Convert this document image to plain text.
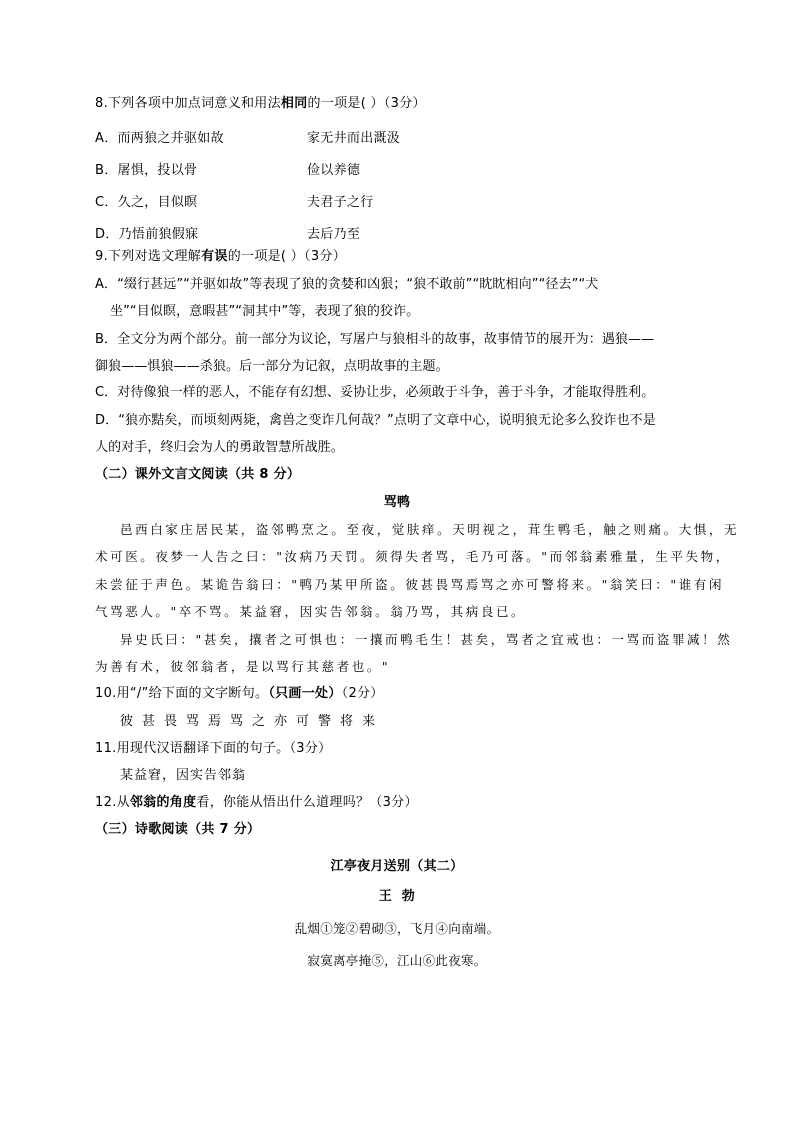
8.下列各项中加点词意义和用法相同的一项是( ）（3分）
A．而两狼之并驱如故	家无井而出溉汲
B．屠惧，投以骨	俭以养德
C．久之，目似瞑	夫君子之行
D．乃悟前狼假寐	去后乃至
9.下列对选文理解有误的一项是( ）（3分）
A．“缀行甚远”“并驱如故”等表现了狼的贪婪和凶狠；“狼不敢前”“眈眈相向”“径去”“犬
坐”“目似瞑，意暇甚”“洞其中”等，表现了狼的狡诈。
B．全文分为两个部分。前一部分为议论，写屠户与狼相斗的故事，故事情节的展开为：遇狼——
御狼——惧狼——杀狼。后一部分为记叙，点明故事的主题。
C．对待像狼一样的恶人，不能存有幻想、妥协让步，必须敢于斗争，善于斗争，才能取得胜利。
D．“狼亦黠矣，而顷刻两毙，禽兽之变诈几何哉？”点明了文章中心，说明狼无论多么狡诈也不是
人的对手，终归会为人的勇敢智慧所战胜。
（二）课外文言文阅读（共 8 分）
骂鸭
邑西白家庄居民某，盗邻鸭烹之。至夜，觉肤痒。天明视之，茸生鸭毛，触之则痛。大惧，无
术可医。夜梦一人告之曰："汝病乃天罚。须得失者骂，毛乃可落。"而邻翁素雅量，生平失物，
未尝征于声色。某诡告翁曰："鸭乃某甲所盗。彼甚畏骂焉骂之亦可警将来。"翁笑曰："谁有闲
气骂恶人。"卒不骂。某益窘，因实告邻翁。翁乃骂，其病良已。
异史氏曰："甚矣，攘者之可惧也：一攘而鸭毛生！甚矣，骂者之宜戒也：一骂而盗罪减！然
为善有术，彼邻翁者，是以骂行其慈者也。"
10.用“/”给下面的文字断句。（只画一处）（2分）
彼甚畏骂焉骂之亦可警将来
11.用现代汉语翻译下面的句子。（3分）
某益窘，因实告邻翁
12.从邻翁的角度看，你能从悟出什么道理吗？（3分）
（三）诗歌阅读（共 7 分）
江亭夜月送别（其二）
王  勃
乱烟①笼②碧砌③，飞月④向南端。
寂寞离亭掩⑤，江山⑥此夜寒。
